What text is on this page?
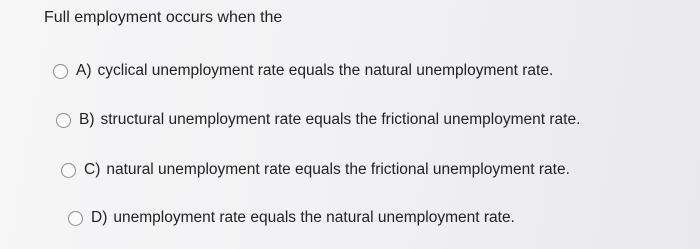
Full employment occurs when the
A) cyclical unemployment rate equals the natural unemployment rate.
B) structural unemployment rate equals the frictional unemployment rate.
C) natural unemployment rate equals the frictional unemployment rate.
D) unemployment rate equals the natural unemployment rate.
